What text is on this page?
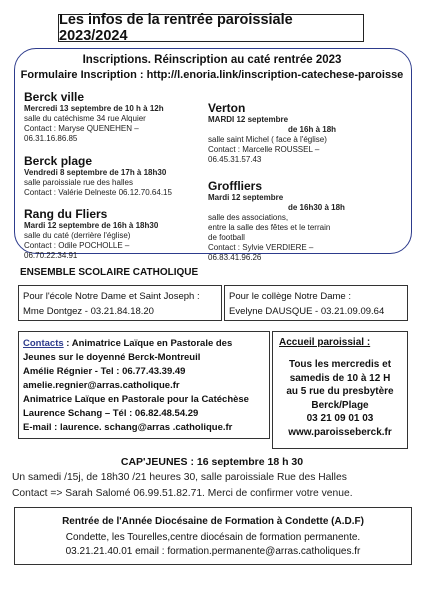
Les infos de la rentrée paroissiale 2023/2024
Inscriptions. Réinscription au caté rentrée 2023
Formulaire Inscription : http://l.enoria.link/inscription-catechese-paroisse
Berck ville
Mercredi 13 septembre de 10 h à 12h
salle du catéchisme 34 rue Alquier
Contact : Maryse QUENEHEN –
06.31.16.86.85
Berck plage
Vendredi 8 septembre de 17h à 18h30
salle paroissiale rue des halles
Contact : Valérie Delneste 06.12.70.64.15
Rang du Fliers
Mardi 12 septembre de 16h à 18h30
salle du caté (derrière l'église)
Contact : Odile POCHOLLE –
06.70.22.34.91
Verton
MARDI 12 septembre
de 16h à 18h
salle saint Michel ( face à l'église)
Contact : Marcelle ROUSSEL –
06.45.31.57.43
Groffliers
Mardi 12 septembre
de 16h30 à 18h
salle des associations,
entre la salle des fêtes et le terrain
de football
Contact : Sylvie VERDIERE –
06.83.41.96.26
ENSEMBLE SCOLAIRE CATHOLIQUE
Pour l'école Notre Dame et Saint Joseph :
Mme Dontgez - 03.21.84.18.20
Pour le collège Notre Dame :
Evelyne DAUSQUE - 03.21.09.09.64
Contacts : Animatrice Laïque en Pastorale des
Jeunes sur le doyenné Berck-Montreuil
Amélie Régnier - Tel : 06.77.43.39.49
amelie.regnier@arras.catholique.fr
Animatrice Laïque en Pastorale pour la Catéchèse
Laurence Schang – Tél : 06.82.48.54.29
E-mail : laurence. schang@arras .catholique.fr
Accueil paroissial :
Tous les mercredis et
samedis de 10 à 12 H
au 5 rue du presbytère
Berck/Plage
03 21 09 01 03
www.paroisseberck.fr
CAP'JEUNES : 16 septembre 18 h 30
Un samedi /15j, de 18h30 /21 heures 30, salle paroissiale Rue des Halles
Contact => Sarah Salomé 06.99.51.82.71. Merci de confirmer votre venue.
Rentrée de l'Année Diocésaine de Formation à Condette (A.D.F)
Condette, les Tourelles,centre diocésain de formation permanente.
03.21.21.40.01 email : formation.permanente@arras.catholiques.fr
